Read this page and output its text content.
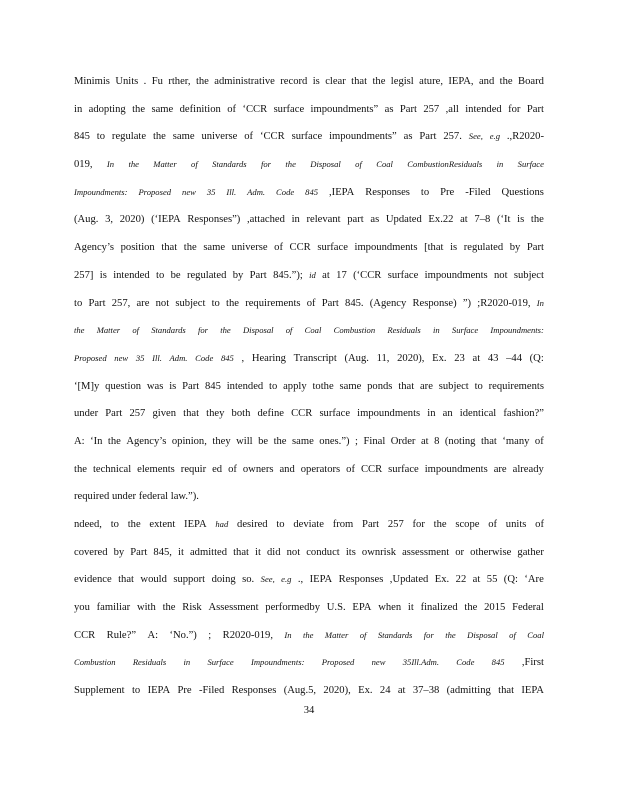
Minimis Units . Fu rther, the administrative record is clear that the legisl ature, IEPA, and the Board
in adopting the same definition of ‘CCR surface impoundments” as Part 257 ,all intended for Part
845 to regulate the same universe of ‘CCR surface impoundments” as Part 257. See, e.g .,R2020-
019, In the Matter of Standards for the Disposal of Coal CombustionResiduals in Surface
Impoundments: Proposed new 35 Ill. Adm. Code 845 ,IEPA Responses to Pre -Filed Questions
(Aug. 3, 2020) (‘IEPA Responses”) ,attached in relevant part as Updated Ex.22 at 7–8 (‘It is the
Agency’s position that the same universe of CCR surface impoundments [that is regulated by Part
257] is intended to be regulated by Part 845.”); id at 17 (‘CCR surface impoundments not subject
to Part 257, are not subject to the requirements of Part 845. (Agency Response) ”) ;R2020-019, In
the Matter of Standards for the Disposal of Coal Combustion Residuals in Surface Impoundments:
Proposed new 35 Ill. Adm. Code 845 , Hearing Transcript (Aug. 11, 2020), Ex. 23 at 43 –44 (Q:
‘[M]y question was is Part 845 intended to apply tothe same ponds that are subject to requirements
under Part 257 given that they both define CCR surface impoundments in an identical fashion?”
A: ‘In the Agency’s opinion, they will be the same ones.”) ; Final Order at 8 (noting that ‘many of
the technical elements requir ed of owners and operators of CCR surface impoundments are already
required under federal law.”).
ndeed, to the extent IEPA had desired to deviate from Part 257 for the scope of units of
covered by Part 845, it admitted that it did not conduct its ownrisk assessment or otherwise gather
evidence that would support doing so. See, e.g ., IEPA Responses ,Updated Ex. 22 at 55 (Q: ‘Are
you familiar with the Risk Assessment performedby U.S. EPA when it finalized the 2015 Federal
CCR Rule?” A: ‘No.”) ; R2020-019, In the Matter of Standards for the Disposal of Coal
Combustion Residuals in Surface Impoundments: Proposed new 35Ill.Adm. Code 845 ,First
Supplement to IEPA Pre -Filed Responses (Aug.5, 2020), Ex. 24 at 37–38 (admitting that IEPA
34
